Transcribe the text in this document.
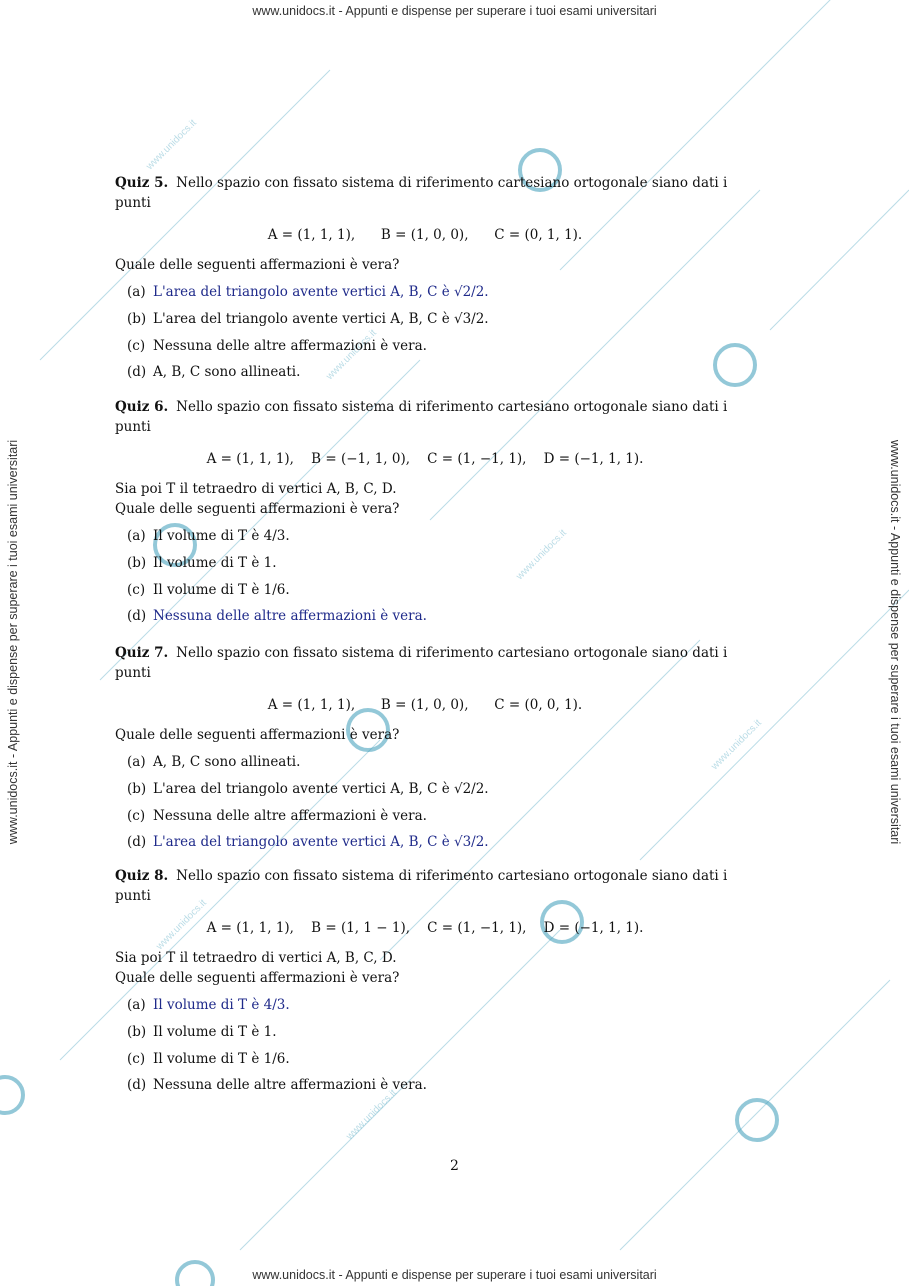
www.unidocs.it
www.unidocs.it
www.unidocs.it
www.unidocs.it
www.unidocs.it
www.unidocs.it
www.unidocs.it - Appunti e dispense per superare i tuoi esami universitari
www.unidocs.it - Appunti e dispense per superare i tuoi esami universitari
www.unidocs.it - Appunti e dispense per superare i tuoi esami universitari	www.unidocs.it - Appunti e dispense per superare i tuoi esami universitari

Quiz 5. Nello spazio con fissato sistema di riferimento cartesiano ortogonale siano dati i punti

A = (1, 1, 1),      B = (1, 0, 0),      C = (0, 1, 1).

Quale delle seguenti affermazioni è vera?

(a) L'area del triangolo avente vertici A, B, C è √2/2.
(b) L'area del triangolo avente vertici A, B, C è √3/2.
(c) Nessuna delle altre affermazioni è vera.
(d) A, B, C sono allineati.

Quiz 6. Nello spazio con fissato sistema di riferimento cartesiano ortogonale siano dati i punti

A = (1, 1, 1),    B = (−1, 1, 0),    C = (1, −1, 1),    D = (−1, 1, 1).

Sia poi T il tetraedro di vertici A, B, C, D.

Quale delle seguenti affermazioni è vera?

(a) Il volume di T è 4/3.
(b) Il volume di T è 1.
(c) Il volume di T è 1/6.
(d) Nessuna delle altre affermazioni è vera.

Quiz 7. Nello spazio con fissato sistema di riferimento cartesiano ortogonale siano dati i punti

A = (1, 1, 1),      B = (1, 0, 0),      C = (0, 0, 1).

Quale delle seguenti affermazioni è vera?

(a) A, B, C sono allineati.
(b) L'area del triangolo avente vertici A, B, C è √2/2.
(c) Nessuna delle altre affermazioni è vera.
(d) L'area del triangolo avente vertici A, B, C è √3/2.

Quiz 8. Nello spazio con fissato sistema di riferimento cartesiano ortogonale siano dati i punti

A = (1, 1, 1),    B = (1, 1 − 1),    C = (1, −1, 1),    D = (−1, 1, 1).

Sia poi T il tetraedro di vertici A, B, C, D.

Quale delle seguenti affermazioni è vera?

(a) Il volume di T è 4/3.
(b) Il volume di T è 1.
(c) Il volume di T è 1/6.
(d) Nessuna delle altre affermazioni è vera.
2
